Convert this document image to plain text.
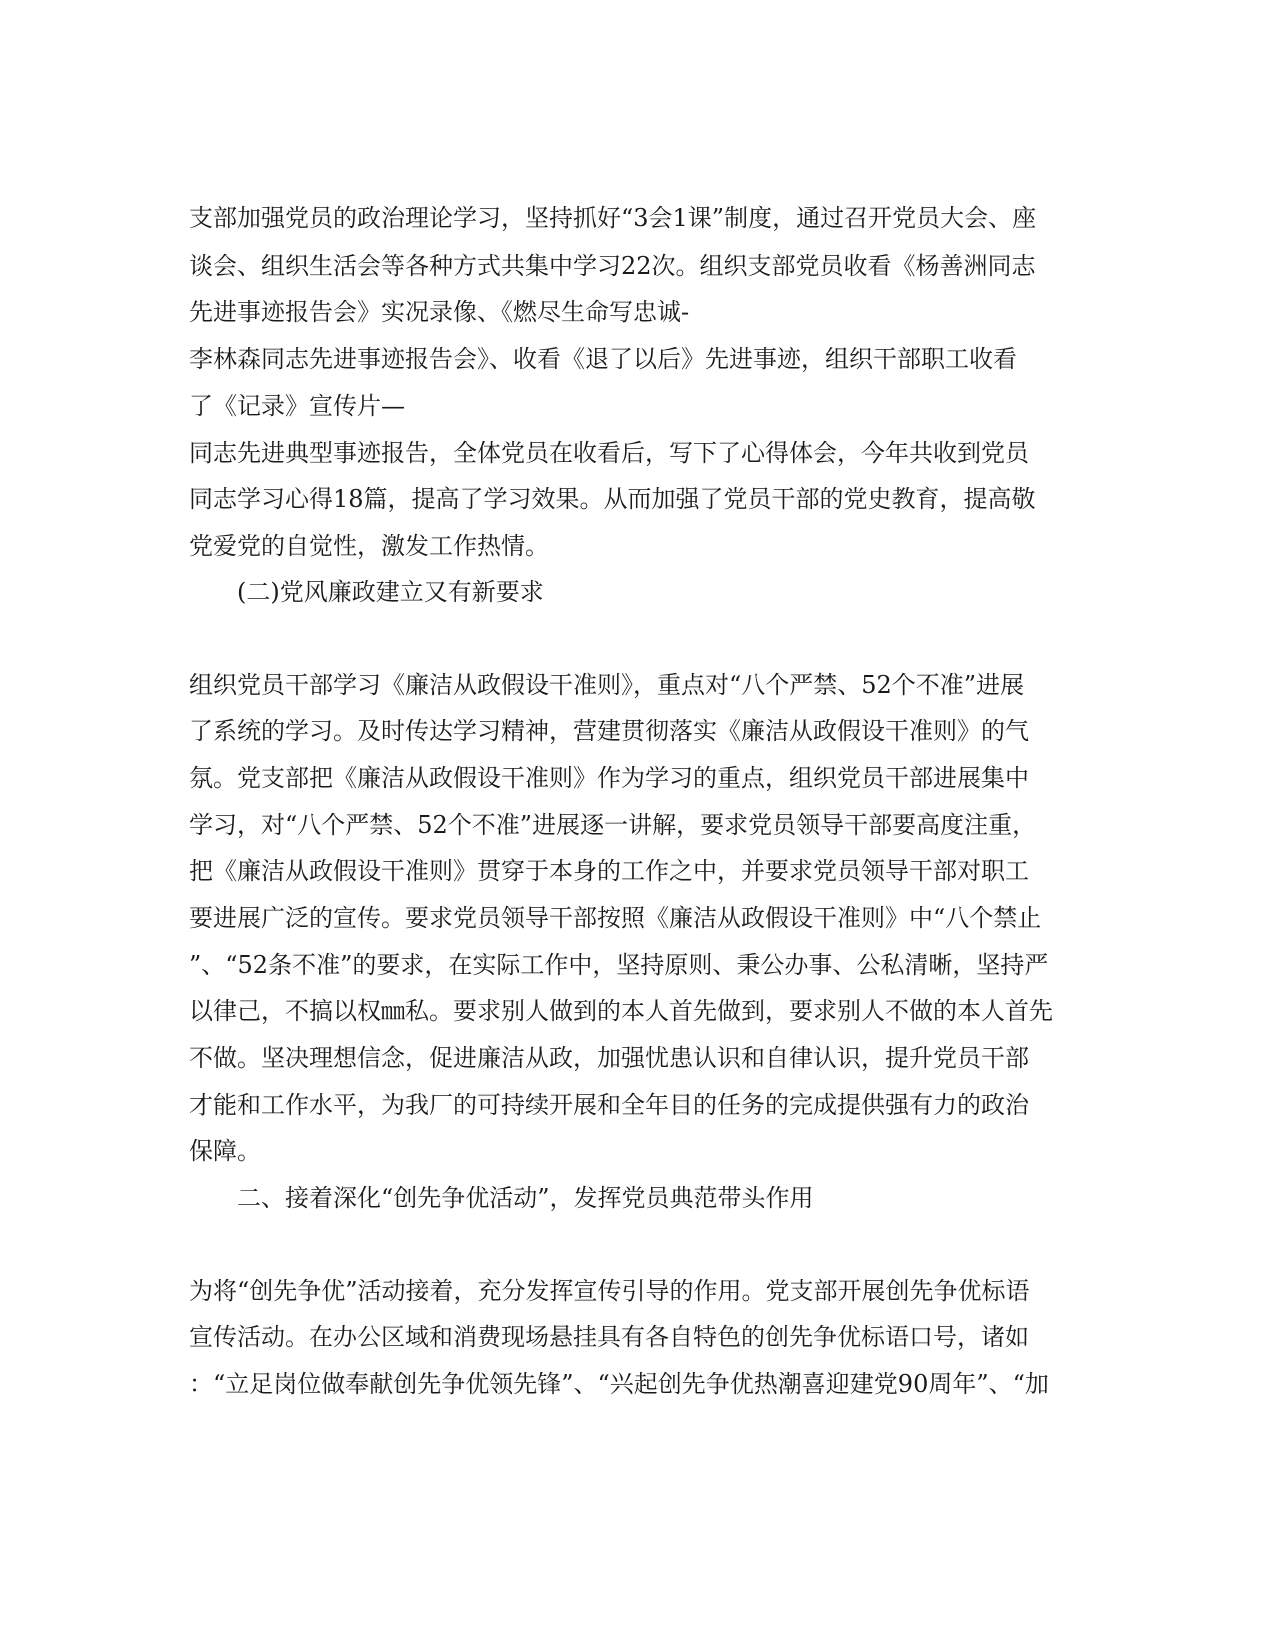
支部加强党员的政治理论学习，坚持抓好“3会1课”制度，通过召开党员大会、座
谈会、组织生活会等各种方式共集中学习22次。组织支部党员收看《杨善洲同志
先进事迹报告会》实况录像、《燃尽生命写忠诚-
李林森同志先进事迹报告会》、收看《退了以后》先进事迹，组织干部职工收看
了《记录》宣传片—
同志先进典型事迹报告，全体党员在收看后，写下了心得体会，今年共收到党员
同志学习心得18篇，提高了学习效果。从而加强了党员干部的党史教育，提高敬
党爱党的自觉性，激发工作热情。
(二)党风廉政建立又有新要求
组织党员干部学习《廉洁从政假设干准则》，重点对“八个严禁、52个不准”进展
了系统的学习。及时传达学习精神，营建贯彻落实《廉洁从政假设干准则》的气
氛。党支部把《廉洁从政假设干准则》作为学习的重点，组织党员干部进展集中
学习，对“八个严禁、52个不准”进展逐一讲解，要求党员领导干部要高度注重，
把《廉洁从政假设干准则》贯穿于本身的工作之中，并要求党员领导干部对职工
要进展广泛的宣传。要求党员领导干部按照《廉洁从政假设干准则》中“八个禁止
”、“52条不准”的要求，在实际工作中，坚持原则、秉公办事、公私清晰，坚持严
以律己，不搞以权㎜私。要求别人做到的本人首先做到，要求别人不做的本人首先
不做。坚决理想信念，促进廉洁从政，加强忧患认识和自律认识，提升党员干部
才能和工作水平，为我厂的可持续开展和全年目的任务的完成提供强有力的政治
保障。
二、接着深化“创先争优活动”，发挥党员典范带头作用
为将“创先争优”活动接着，充分发挥宣传引导的作用。党支部开展创先争优标语
宣传活动。在办公区域和消费现场悬挂具有各自特色的创先争优标语口号，诸如
：“立足岗位做奉献创先争优领先锋”、“兴起创先争优热潮喜迎建党90周年”、“加
